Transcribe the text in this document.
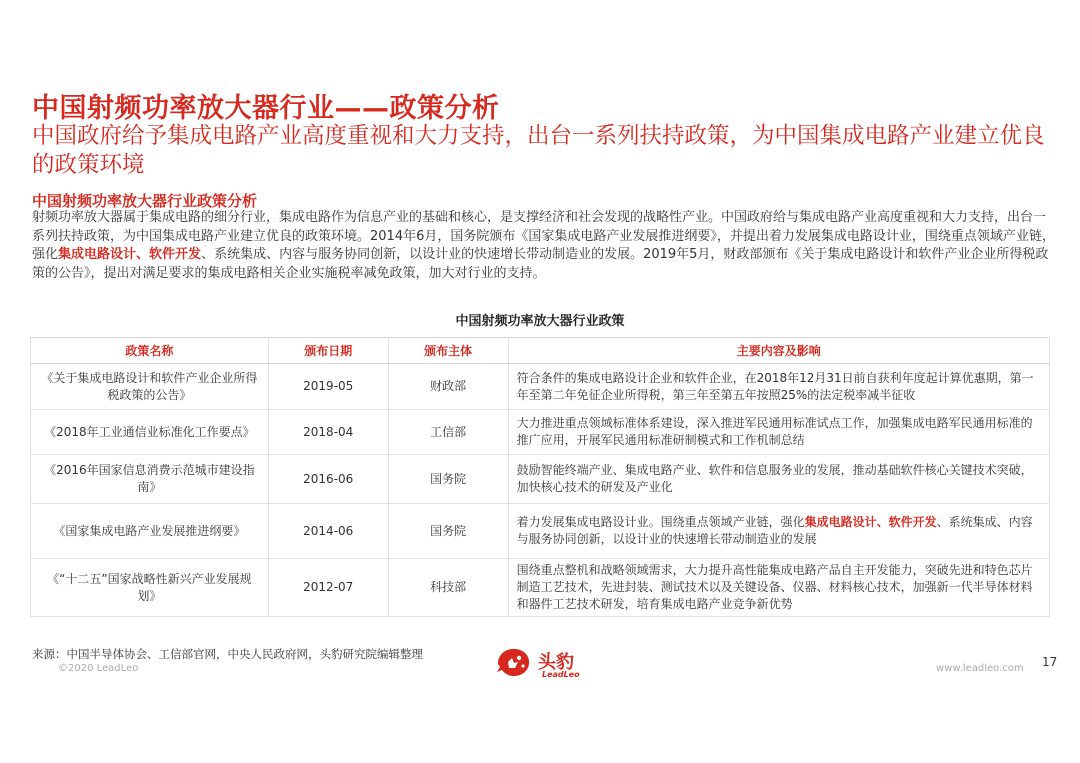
中国射频功率放大器行业——政策分析
中国政府给予集成电路产业高度重视和大力支持，出台一系列扶持政策，为中国集成电路产业建立优良的政策环境
中国射频功率放大器行业政策分析
射频功率放大器属于集成电路的细分行业，集成电路作为信息产业的基础和核心，是支撑经济和社会发现的战略性产业。中国政府给与集成电路产业高度重视和大力支持，出台一系列扶持政策，为中国集成电路产业建立优良的政策环境。2014年6月，国务院颁布《国家集成电路产业发展推进纲要》，并提出着力发展集成电路设计业，围绕重点领域产业链，强化集成电路设计、软件开发、系统集成、内容与服务协同创新，以设计业的快速增长带动制造业的发展。2019年5月，财政部颁布《关于集成电路设计和软件产业企业所得税政策的公告》，提出对满足要求的集成电路相关企业实施税率减免政策，加大对行业的支持。
中国射频功率放大器行业政策
政策名称	颁布日期	颁布主体	主要内容及影响
《关于集成电路设计和软件产业企业所得税政策的公告》	2019-05	财政部	符合条件的集成电路设计企业和软件企业，在2018年12月31日前自获利年度起计算优惠期，第一年至第二年免征企业所得税，第三年至第五年按照25%的法定税率减半征收
《2018年工业通信业标准化工作要点》	2018-04	工信部	大力推进重点领域标准体系建设，深入推进军民通用标准试点工作，加强集成电路军民通用标准的推广应用，开展军民通用标准研制模式和工作机制总结
《2016年国家信息消费示范城市建设指南》	2016-06	国务院	鼓励智能终端产业、集成电路产业、软件和信息服务业的发展，推动基础软件核心关键技术突破，加快核心技术的研发及产业化
《国家集成电路产业发展推进纲要》	2014-06	国务院	着力发展集成电路设计业。围绕重点领域产业链，强化集成电路设计、软件开发、系统集成、内容与服务协同创新，以设计业的快速增长带动制造业的发展
《“十二五”国家战略性新兴产业发展规划》	2012-07	科技部	围绕重点整机和战略领域需求，大力提升高性能集成电路产品自主开发能力，突破先进和特色芯片制造工艺技术，先进封装、测试技术以及关键设备、仪器、材料核心技术，加强新一代半导体材料和器件工艺技术研发，培育集成电路产业竞争新优势
来源：中国半导体协会、工信部官网，中央人民政府网，头豹研究院编辑整理
©2020 LeadLeo	头豹
LeadLeo
www.leadleo.com 17
